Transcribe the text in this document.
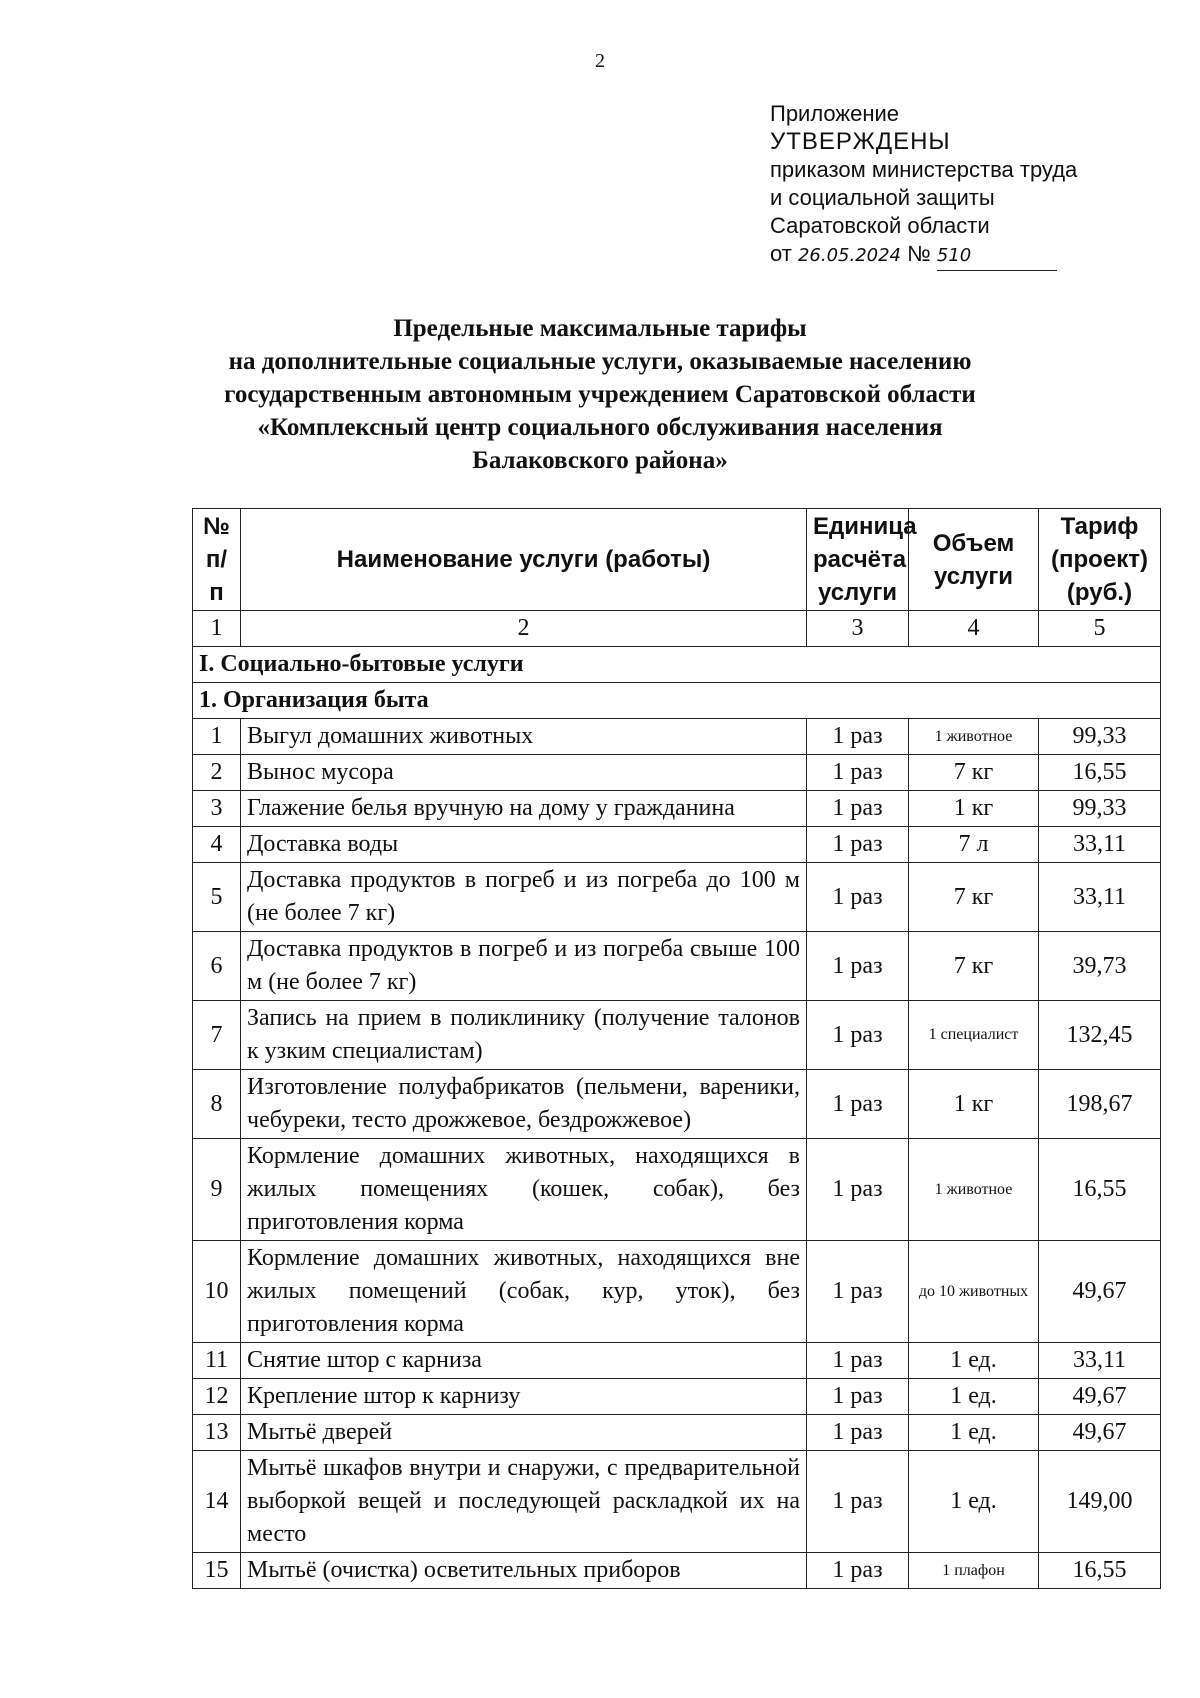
2
Приложение
УТВЕРЖДЕНЫ
приказом министерства труда
и социальной защиты
Саратовской области
от 26.05.2024 № 510
Предельные максимальные тарифы
на дополнительные социальные услуги, оказываемые населению
государственным автономным учреждением Саратовской области
«Комплексный центр социального обслуживания населения
Балаковского района»
№ п/п	Наименование услуги (работы)	Единица расчёта услуги	Объем услуги	Тариф (проект) (руб.)
1	2	3	4	5
I. Социально-бытовые услуги				
1. Организация быта				
1	Выгул домашних животных	1 раз	1 животное	99,33
2	Вынос мусора	1 раз	7 кг	16,55
3	Глажение белья вручную на дому у гражданина	1 раз	1 кг	99,33
4	Доставка воды	1 раз	7 л	33,11
5	Доставка продуктов в погреб и из погреба до 100 м (не более 7 кг)	1 раз	7 кг	33,11
6	Доставка продуктов в погреб и из погреба свыше 100 м (не более 7 кг)	1 раз	7 кг	39,73
7	Запись на прием в поликлинику (получение талонов к узким специалистам)	1 раз	1 специалист	132,45
8	Изготовление полуфабрикатов (пельмени, вареники, чебуреки, тесто дрожжевое, бездрожжевое)	1 раз	1 кг	198,67
9	Кормление домашних животных, находящихся в жилых помещениях (кошек, собак), без приготовления корма	1 раз	1 животное	16,55
10	Кормление домашних животных, находящихся вне жилых помещений (собак, кур, уток), без приготовления корма	1 раз	до 10 животных	49,67
11	Снятие штор с карниза	1 раз	1 ед.	33,11
12	Крепление штор к карнизу	1 раз	1 ед.	49,67
13	Мытьё дверей	1 раз	1 ед.	49,67
14	Мытьё шкафов внутри и снаружи, с предварительной выборкой вещей и последующей раскладкой их на место	1 раз	1 ед.	149,00
15	Мытьё (очистка) осветительных приборов	1 раз	1 плафон	16,55
